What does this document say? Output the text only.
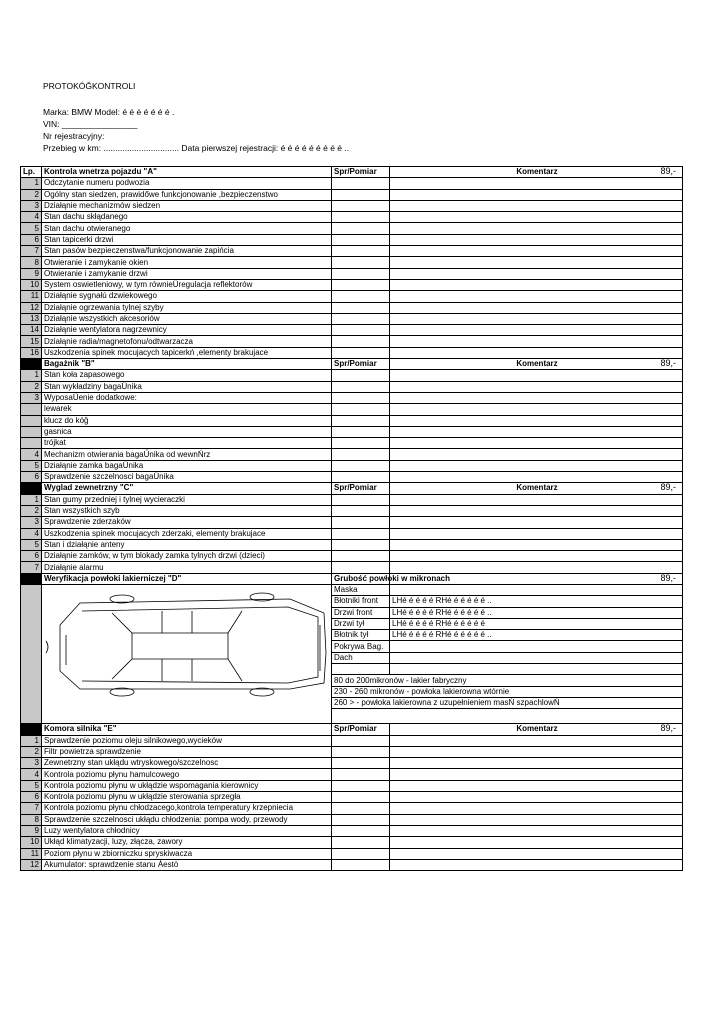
PROTOKÓĞKONTROLI
Marka: BMW Model: é é é é é é é .
VIN: ________________
Nr rejestracyjny:
Przebieg w km: ................................ Data pierwszej rejestracji: é é é é é é é é é ..
Lp.	Kontrola wnetrza pojazdu "A"	Spr/Pomiar	Komentarz 89,-

1	Odczytanie numeru podwozia		
2	Ogólny stan siedzen, prawidőwe funkcjonowanie ,bezpieczenstwo		
3	Działąnie mechanizmów siedzen		
4	Stan dachu skłądanego		
5	Stan dachu otwieranego		
6	Stan tapicerki drzwi		
7	Stan pasów bezpieczenstwa/funkcjonowanie zapińcia		
8	Otwieranie i zamykanie okien		
9	Otwieranie i zamykanie drzwi		
10	System oswietleniowy, w tym równieŰregulacja reflektorów		
11	Działąnie sygnałú dzwiekowego		
12	Działąnie ogrzewania tylnej szyby		
13	Działąnie wszystkich akcesoriów		
14	Działąnie wentylatora nagrzewnicy		
15	Działąnie radia/magnetofonu/odtwarzacza		
16	Uszkodzenia spinek mocujacych tapicerkń ,elementy brakujace		
	Bagażnik "B"	Spr/Pomiar	Komentarz 89,-

1	Stan koła zapasowego		
2	Stan wykładziny bagaŰnika		
3	WyposaŰenie dodatkowe:		
	lewarek		
	klucz do kóğ		
	gasnica		
	trójkat		
4	Mechanizm otwierania bagaŰnika od wewnŃrz		
5	Działąnie zamka bagaŰnika		
6	Sprawdzenie szczelnosci bagaŰnika		
	Wyglad zewnetrzny "C"	Spr/Pomiar	Komentarz 89,-

1	Stan gumy przedniej i tylnej wycieraczki		
2	Stan wszystkich szyb		
3	Sprawdzenie zderzaków		
4	Uszkodzenia spinek mocujacych zderzaki, elementy brakujace		
5	Stan i działąnie anteny		
6	Działąnie zamków, w tym blokady zamka tylnych drzwi (dzieci)		
7	Działąnie alarmu		
	Weryfikacja powłoki lakierniczej "D"	Grubość powłoki w mikronach	89,-

	Maska	
		Błotniki front	LHé é é é é RHé é é é é é ..
		Drzwi front	LHé é é é é RHé é é é é é ..
		Drzwi tył	LHé é é é é RHé é é é é é
		Błotnik tył	LHé é é é é RHé é é é é é ..
		Pokrywa Bag.	
		Dach	

		80 do 200mikronów - lakier fabryczny	
		230 - 260 mikronów - powłoka lakierowna wtórnie	
		260 > - powłoka lakierowna z uzupełnieniem masŃ szpachlowŃ	

	Komora silnika "E"	Spr/Pomiar	Komentarz 89,-

1	Sprawdzenie poziomu oleju silnikowego,wycieków		
2	Filtr powietrza sprawdzenie		
3	Zewnetrzny stan ukłądu wtryskowego/szczelnosc		
4	Kontrola poziomu płynu hamulcowego		
5	Kontrola poziomu płynu w ukłądzie wspomagania kierownicy		
6	Kontrola poziomu płynu w ukłądzie sterowania sprzegła		
7	Kontrola poziomu płynu chłodzacego,kontrola temperatury krzepniecia		
8	Sprawdzenie szczelnosci ukłądu chłodzenia: pompa wody, przewody		
9	Luzy wentylatora chłodnicy		
10	Ukłąd klimatyzacji, luzy, złącza, zawory		
11	Poziom płynu w zbiorniczku spryskiwacza		
12	Akumulator: sprawdzenie stanu Áestò		
